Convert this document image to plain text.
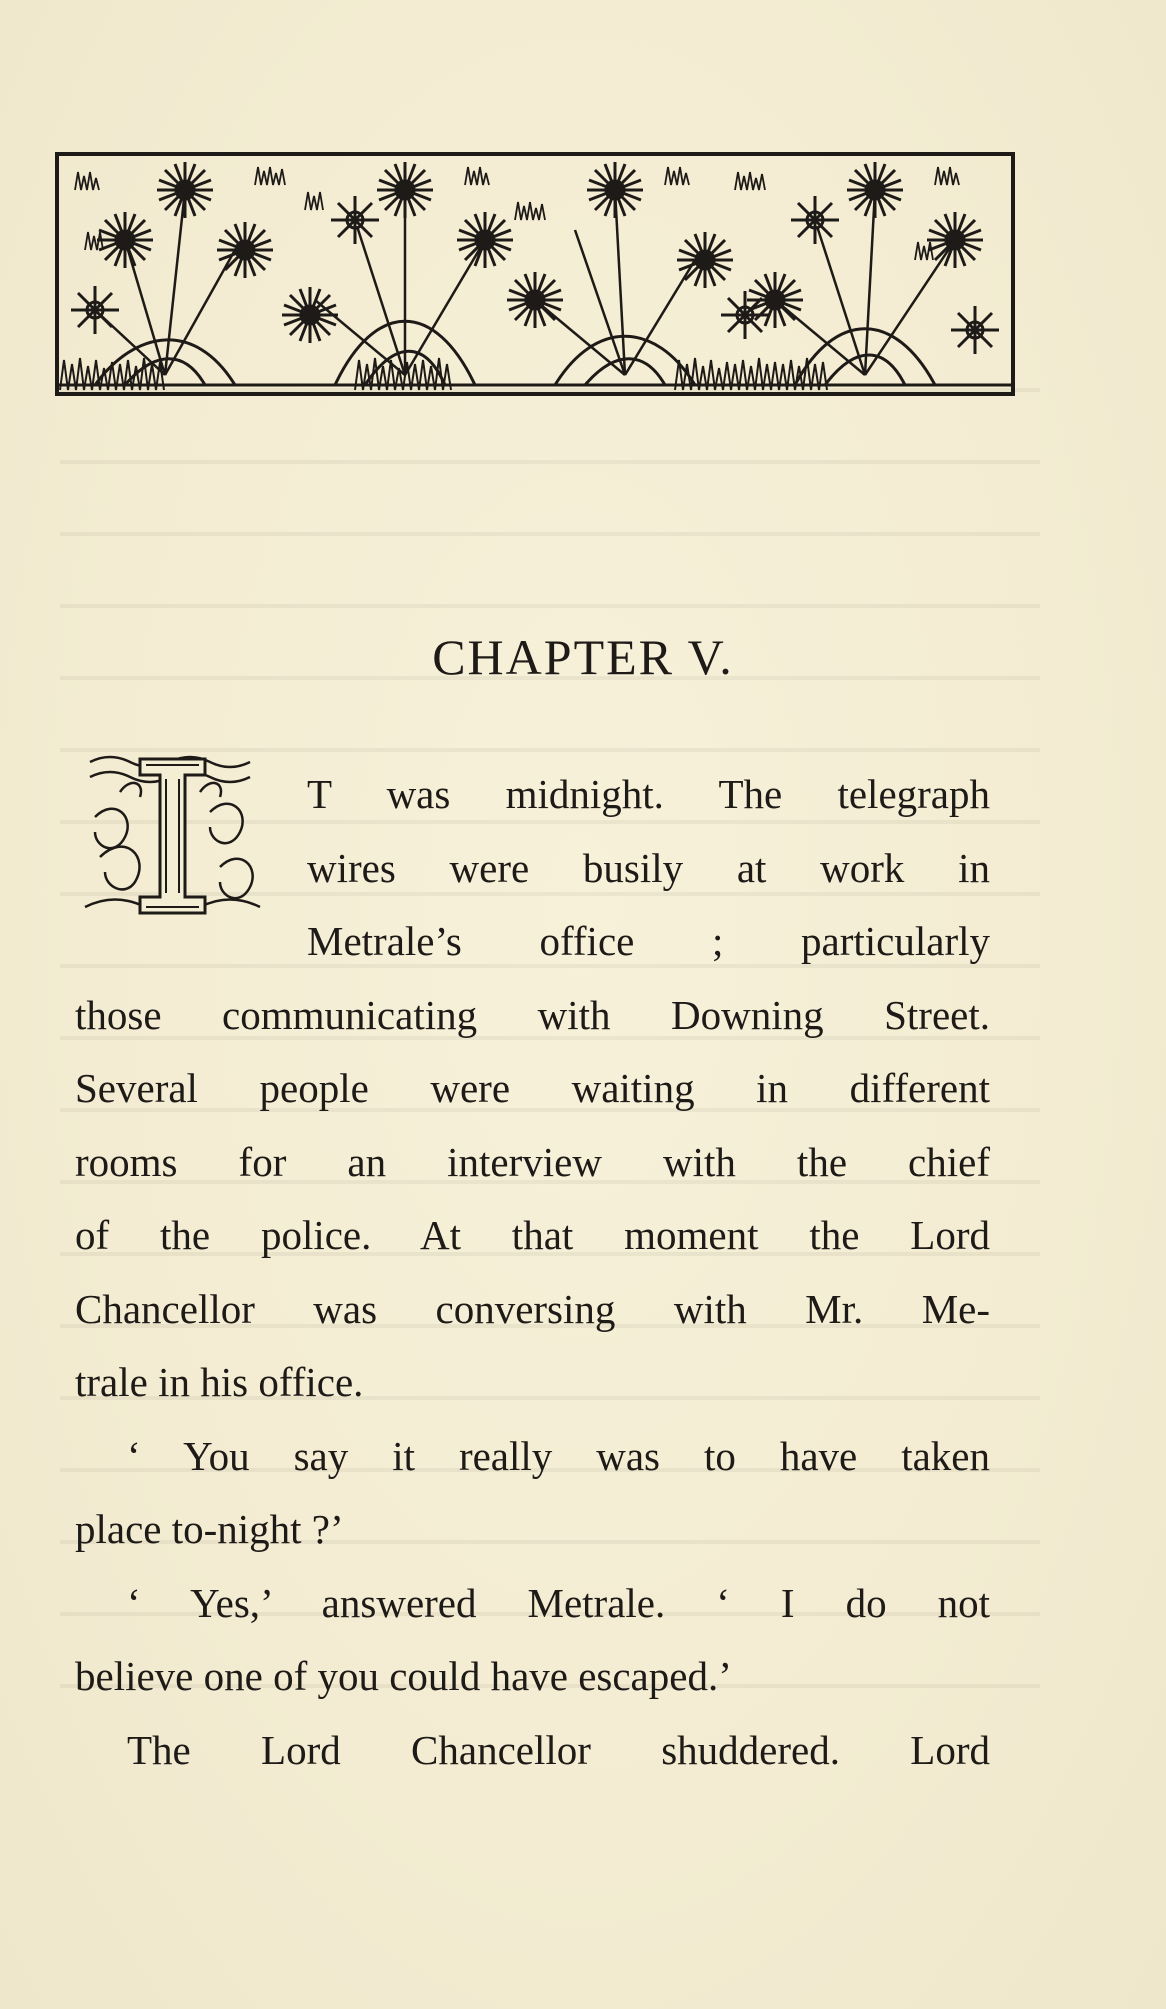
CHAPTER V.
T was midnight. The telegraph
wires were busily at work in
Metrale’s office ; particularly
those communicating with Downing Street.
Several people were waiting in different
rooms for an interview with the chief
of the police. At that moment the Lord
Chancellor was conversing with Mr. Me-
trale in his office.
‘ You say it really was to have taken
place to-night ?’
‘ Yes,’ answered Metrale. ‘ I do not
believe one of you could have escaped.’
The Lord Chancellor shuddered. Lord
